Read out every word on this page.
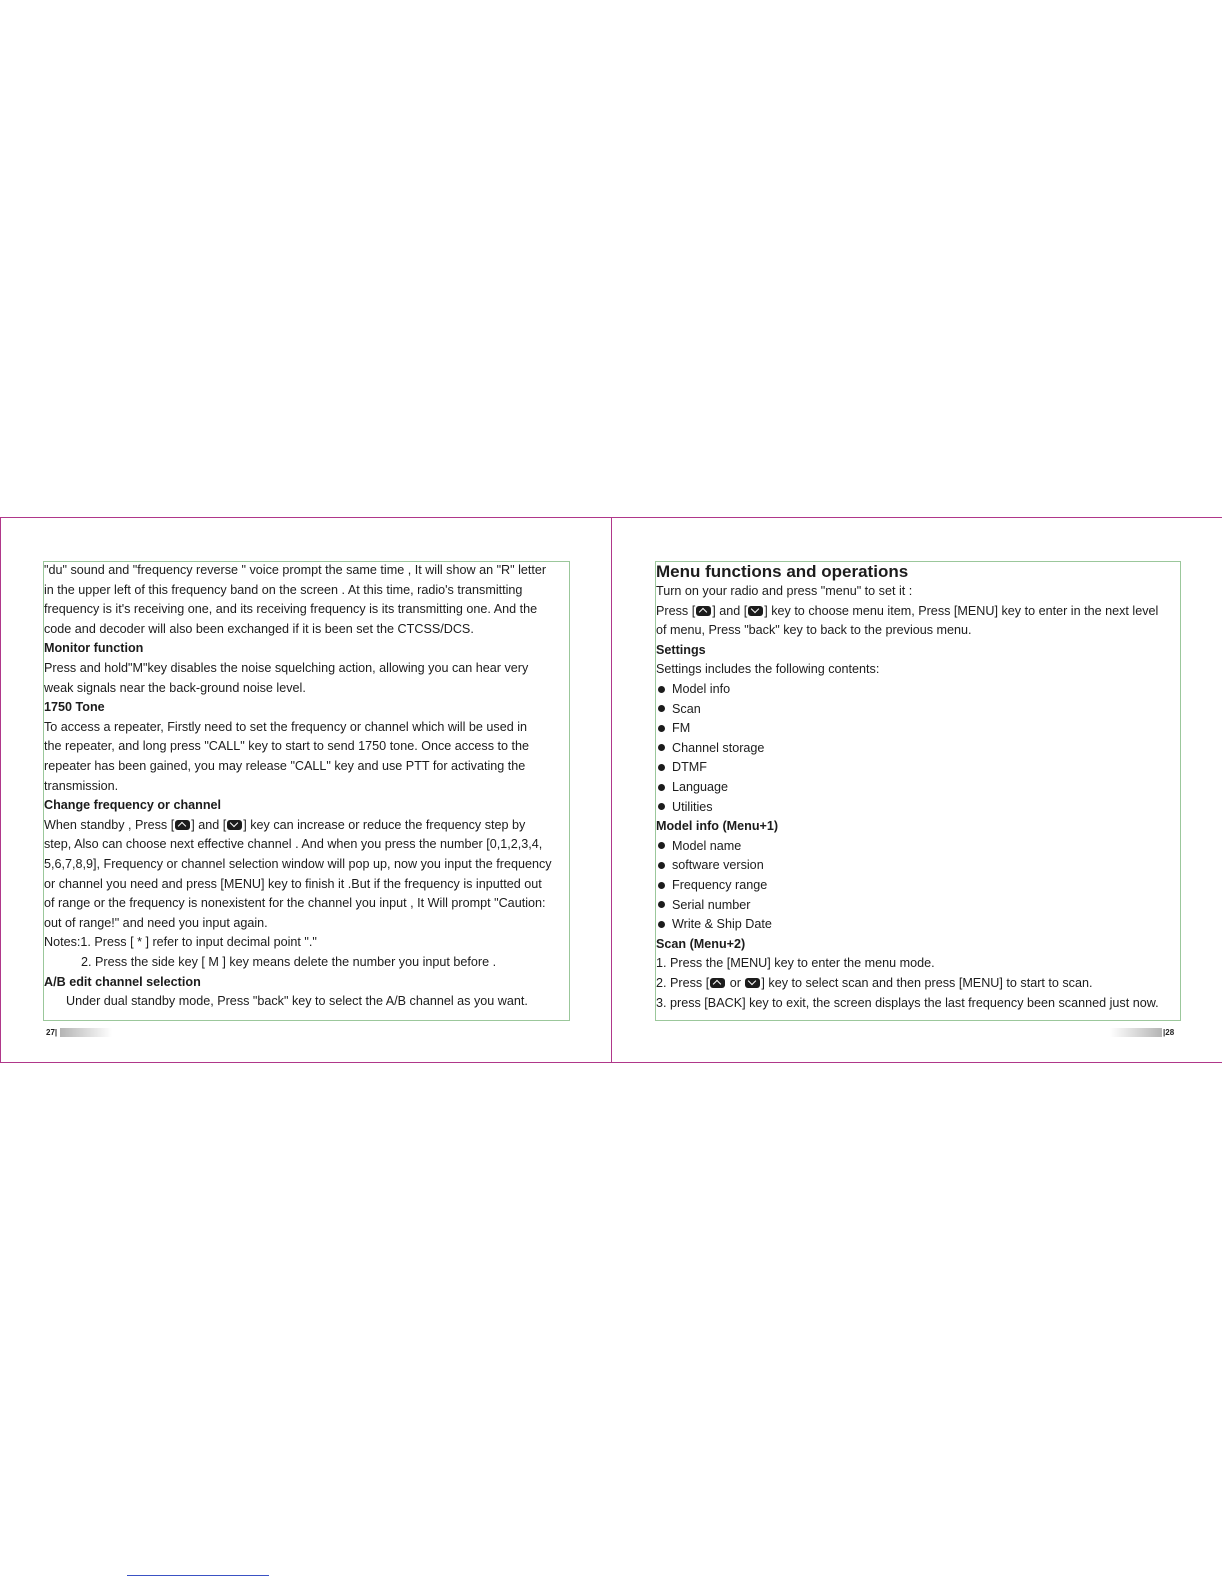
"du" sound and "frequency reverse " voice prompt the same time , It will show an "R" letter
in the upper left of this frequency band on the screen . At this time, radio's transmitting
frequency is it's receiving one, and its receiving frequency is its transmitting one. And the
code and decoder will also been exchanged if it is been set the CTCSS/DCS.
Monitor function
Press and hold"M"key disables the noise squelching action, allowing you can hear very
weak signals near the back-ground noise level.
1750 Tone
To access a repeater, Firstly need to set the frequency or channel which will be used in
the repeater, and long press "CALL" key to start to send 1750 tone. Once access to the
repeater has been gained, you may release "CALL" key and use PTT for activating the
transmission.
Change frequency or channel
When standby , Press [ ] and [ ] key can increase or reduce the frequency step by
step, Also can choose next effective channel . And when you press the number [0,1,2,3,4,
5,6,7,8,9], Frequency or channel selection window will pop up, now you input the frequency
or channel you need and press [MENU] key to finish it .But if the frequency is inputted out
of range or the frequency is nonexistent for the channel you input , It Will prompt "Caution:
out of range!" and need you input again.
Notes:1. Press [ * ] refer to input decimal point "."
2. Press the side key [ M ] key means delete the number you input before .
A/B edit channel selection
Under dual standby mode, Press "back" key to select the A/B channel as you want.
Menu functions and operations
Turn on your radio and press "menu" to set it :
Press [ ] and [ ] key to choose menu item, Press [MENU] key to enter in the next level
of menu, Press "back" key to back to the previous menu.
Settings
Settings includes the following contents:
Model info
Scan
FM
Channel storage
DTMF
Language
Utilities
Model info (Menu+1)
Model name
software version
Frequency range
Serial number
Write & Ship Date
Scan (Menu+2)
1. Press the [MENU] key to enter the menu mode.
2. Press [ or ] key to select scan and then press [MENU] to start to scan.
3. press [BACK] key to exit, the screen displays the last frequency been scanned just now.
27|	|28
